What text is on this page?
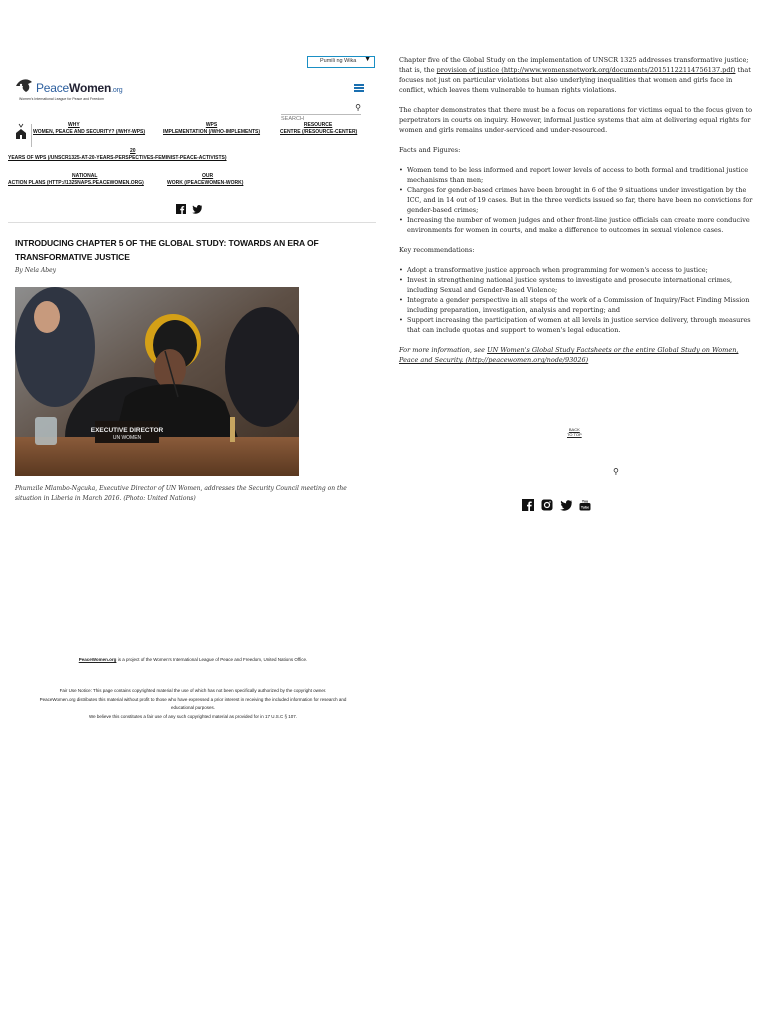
Pumili ng Wika ▼
PeaceWomen.org
Women's International League for Peace and Freedom
SEARCH
⚲
WHY
WOMEN, PEACE AND SECURITY? (/WHY-WPS)
WPS
IMPLEMENTATION (/WHO-IMPLEMENTS)
RESOURCE
CENTRE (/RESOURCE-CENTER)
20
YEARS OF WPS (/UNSCR1325-AT-20-YEARS-PERSPECTIVES-FEMINIST-PEACE-ACTIVISTS)
NATIONAL
ACTION PLANS (HTTP://1325NAPS.PEACEWOMEN.ORG)
OUR
WORK (/PEACEWOMEN-WORK)
INTRODUCING CHAPTER 5 OF THE GLOBAL STUDY: TOWARDS AN ERA OF TRANSFORMATIVE JUSTICE
By Nela Abey
EXECUTIVE DIRECTOR
UN WOMEN
Phumzile Mlambo-Ngcuka, Executive Director of UN Women, addresses the Security Council meeting on the situation in Liberia in March 2016. (Photo: United Nations)
PeaceWomen.org is a project of the Women's International League of Peace and Freedom, United Nations Office.
Fair Use Notice: This page contains copyrighted material the use of which has not been specifically authorized by the copyright owner.
PeaceWomen.org distributes this material without profit to those who have expressed a prior interest in receiving the included information for research and educational purposes.
We believe this constitutes a fair use of any such copyrighted material as provided for in 17 U.S.C § 107.

Chapter five of the Global Study on the implementation of UNSCR 1325 addresses transformative justice; that is, the provision of justice (http://www.womensnetwork.org/documents/20151122114756137.pdf) that focuses not just on particular violations but also underlying inequalities that women and girls face in conflict, which leaves them vulnerable to human rights violations.

The chapter demonstrates that there must be a focus on reparations for victims equal to the focus given to perpetrators in courts on inquiry. However, informal justice systems that aim at delivering equal rights for women and girls remains under-serviced and under-resourced.

Facts and Figures:

• Women tend to be less informed and report lower levels of access to both formal and traditional justice mechanisms than men;
• Charges for gender-based crimes have been brought in 6 of the 9 situations under investigation by the ICC, and in 14 out of 19 cases. But in the three verdicts issued so far, there have been no convictions for gender-based crimes;
• Increasing the number of women judges and other front-line justice officials can create more conducive environments for women in courts, and make a difference to outcomes in sexual violence cases.

Key recommendations:

• Adopt a transformative justice approach when programming for women's access to justice;
• Invest in strengthening national justice systems to investigate and prosecute international crimes, including Sexual and Gender-Based Violence;
• Integrate a gender perspective in all steps of the work of a Commission of Inquiry/Fact Finding Mission including preparation, investigation, analysis and reporting; and
• Support increasing the participation of women at all levels in justice service delivery, through measures that can include quotas and support to women's legal education.

For more information, see UN Women's Global Study Factsheets or the entire Global Study on Women, Peace and Security. (http://peacewomen.org/node/93026)

BACK
TO TOP
⚲
You
Tube
